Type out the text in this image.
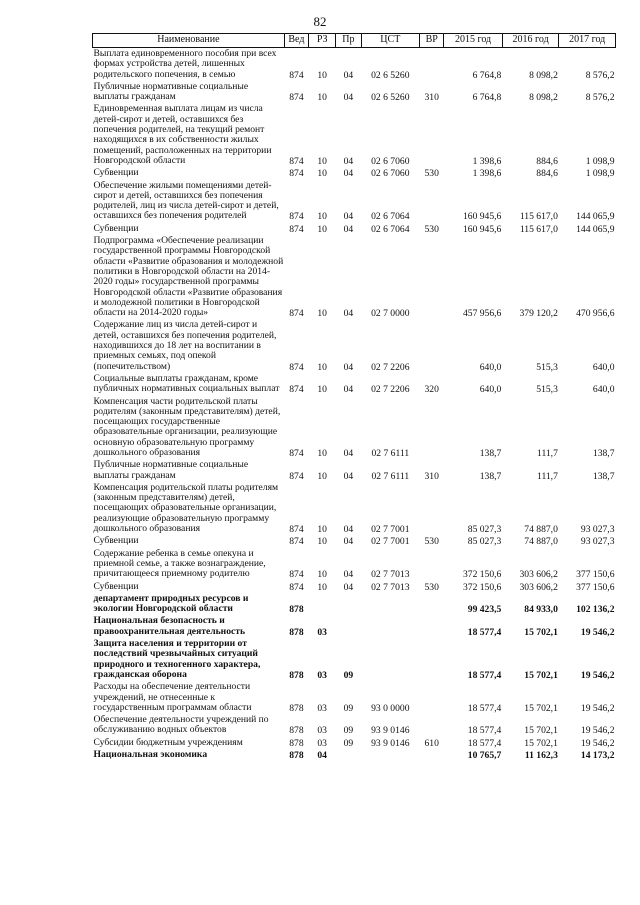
82
Наименование	Вед	РЗ	Пр	ЦСТ	ВР	2015 год	2016 год	2017 год
Выплата единовременного пособия при всех формах устройства детей, лишенных родительского попечения, в семью	874	10	04	02 6 5260		6 764,8	8 098,2	8 576,2
Публичные нормативные социальные выплаты гражданам	874	10	04	02 6 5260	310	6 764,8	8 098,2	8 576,2
Единовременная выплата лицам из числа детей-сирот и детей, оставшихся без попечения родителей, на текущий ремонт находящихся в их собственности жилых помещений, расположенных на территории Новгородской области	874	10	04	02 6 7060		1 398,6	884,6	1 098,9
Субвенции	874	10	04	02 6 7060	530	1 398,6	884,6	1 098,9
Обеспечение жилыми помещениями детей-сирот и детей, оставшихся без попечения родителей, лиц из числа детей-сирот и детей, оставшихся без попечения родителей	874	10	04	02 6 7064		160 945,6	115 617,0	144 065,9
Субвенции	874	10	04	02 6 7064	530	160 945,6	115 617,0	144 065,9
Подпрограмма «Обеспечение реализации государственной программы Новгородской области «Развитие образования и молодежной политики в Новгородской области на 2014-2020 годы» государственной программы Новгородской области «Развитие образования и молодежной политики в Новгородской области на 2014-2020 годы»	874	10	04	02 7 0000		457 956,6	379 120,2	470 956,6
Содержание лиц из числа детей-сирот и детей, оставшихся без попечения родителей, находившихся до 18 лет на воспитании в приемных семьях, под опекой (попечительством)	874	10	04	02 7 2206		640,0	515,3	640,0
Социальные выплаты гражданам, кроме публичных нормативных социальных выплат	874	10	04	02 7 2206	320	640,0	515,3	640,0
Компенсация части родительской платы родителям (законным представителям) детей, посещающих государственные образовательные организации, реализующие основную образовательную программу дошкольного образования	874	10	04	02 7 6111		138,7	111,7	138,7
Публичные нормативные социальные выплаты гражданам	874	10	04	02 7 6111	310	138,7	111,7	138,7
Компенсация родительской платы родителям (законным представителям) детей, посещающих образовательные организации, реализующие образовательную программу дошкольного образования	874	10	04	02 7 7001		85 027,3	74 887,0	93 027,3
Субвенции	874	10	04	02 7 7001	530	85 027,3	74 887,0	93 027,3
Содержание ребенка в семье опекуна и приемной семье, а также вознаграждение, причитающееся приемному родителю	874	10	04	02 7 7013		372 150,6	303 606,2	377 150,6
Субвенции	874	10	04	02 7 7013	530	372 150,6	303 606,2	377 150,6
департамент природных ресурсов и экологии Новгородской области	878					99 423,5	84 933,0	102 136,2
Национальная безопасность и правоохранительная деятельность	878	03				18 577,4	15 702,1	19 546,2
Защита населения и территории от последствий чрезвычайных ситуаций природного и техногенного характера, гражданская оборона	878	03	09			18 577,4	15 702,1	19 546,2
Расходы на обеспечение деятельности учреждений, не отнесенные к государственным программам области	878	03	09	93 0 0000		18 577,4	15 702,1	19 546,2
Обеспечение деятельности учреждений по обслуживанию водных объектов	878	03	09	93 9 0146		18 577,4	15 702,1	19 546,2
Субсидии бюджетным учреждениям	878	03	09	93 9 0146	610	18 577,4	15 702,1	19 546,2
Национальная экономика	878	04				10 765,7	11 162,3	14 173,2
